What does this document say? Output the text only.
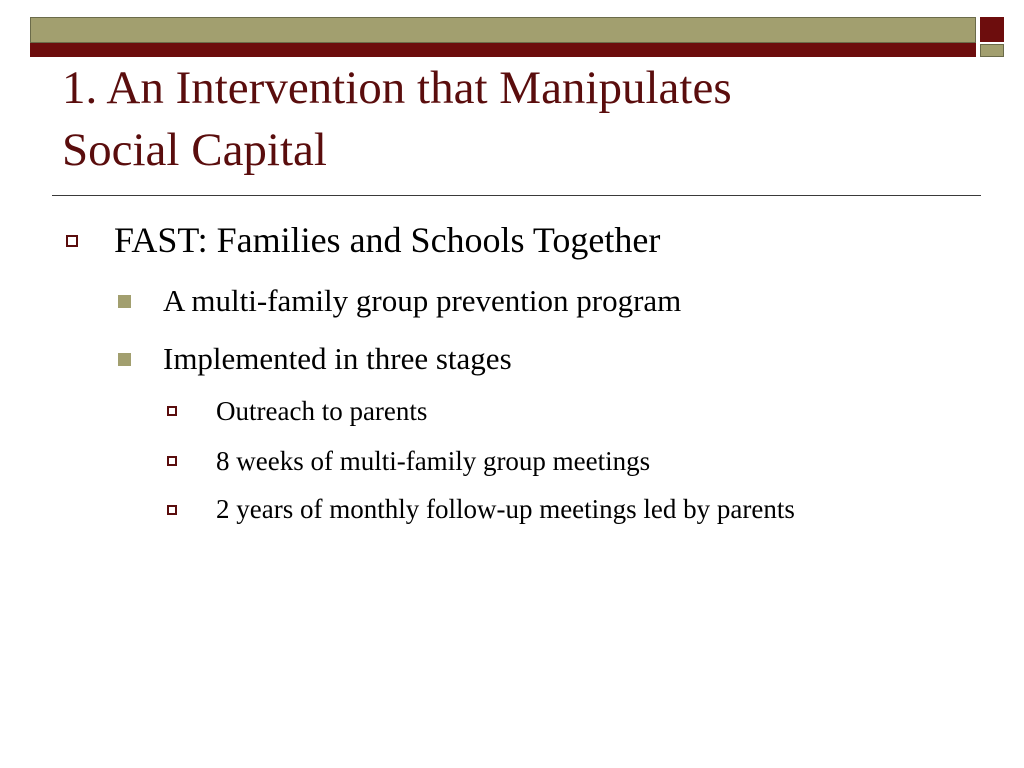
1. An Intervention that Manipulates
Social Capital
FAST: Families and Schools Together
A multi-family group prevention program
Implemented in three stages
Outreach to parents
8 weeks of multi-family group meetings
2 years of monthly follow-up meetings led by parents
